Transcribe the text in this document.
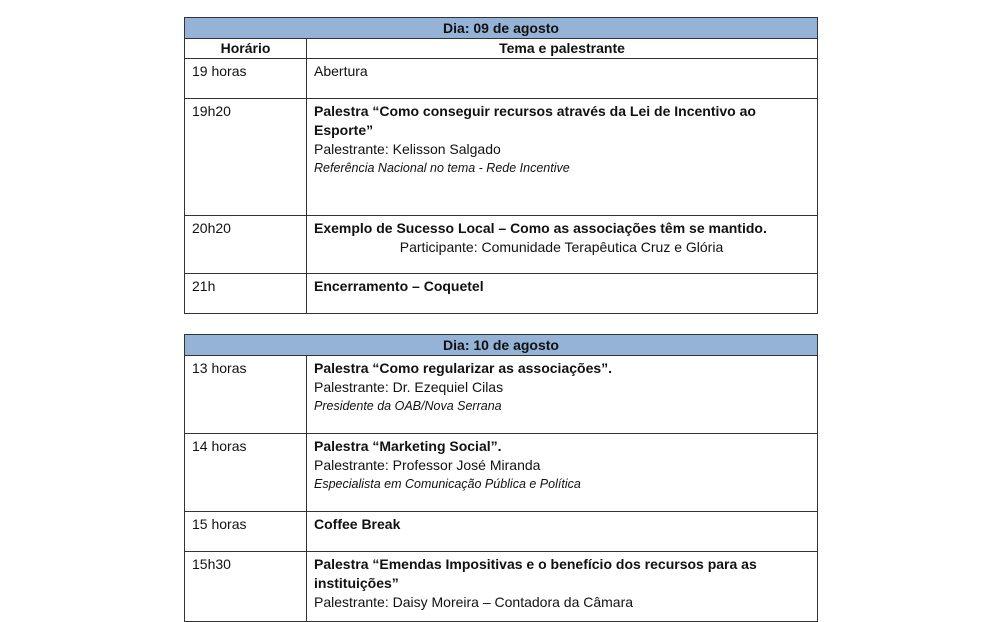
Dia: 09 de agosto	
Horário	Tema e palestrante
19 horas	Abertura

19h20	Palestra “Como conseguir recursos através da Lei de Incentivo ao Esporte”
Palestrante: Kelisson Salgado
Referência Nacional no tema - Rede Incentive

20h20	Exemplo de Sucesso Local – Como as associações têm se mantido.
Participante: Comunidade Terapêutica Cruz e Glória

21h	Encerramento – Coquetel
Dia: 10 de agosto	
13 horas	Palestra “Como regularizar as associações”.
Palestrante: Dr. Ezequiel Cilas
Presidente da OAB/Nova Serrana

14 horas	Palestra “Marketing Social”.
Palestrante: Professor José Miranda
Especialista em Comunicação Pública e Política

15 horas	Coffee Break

15h30	Palestra “Emendas Impositivas e o benefício dos recursos para as instituições”
Palestrante: Daisy Moreira – Contadora da Câmara
